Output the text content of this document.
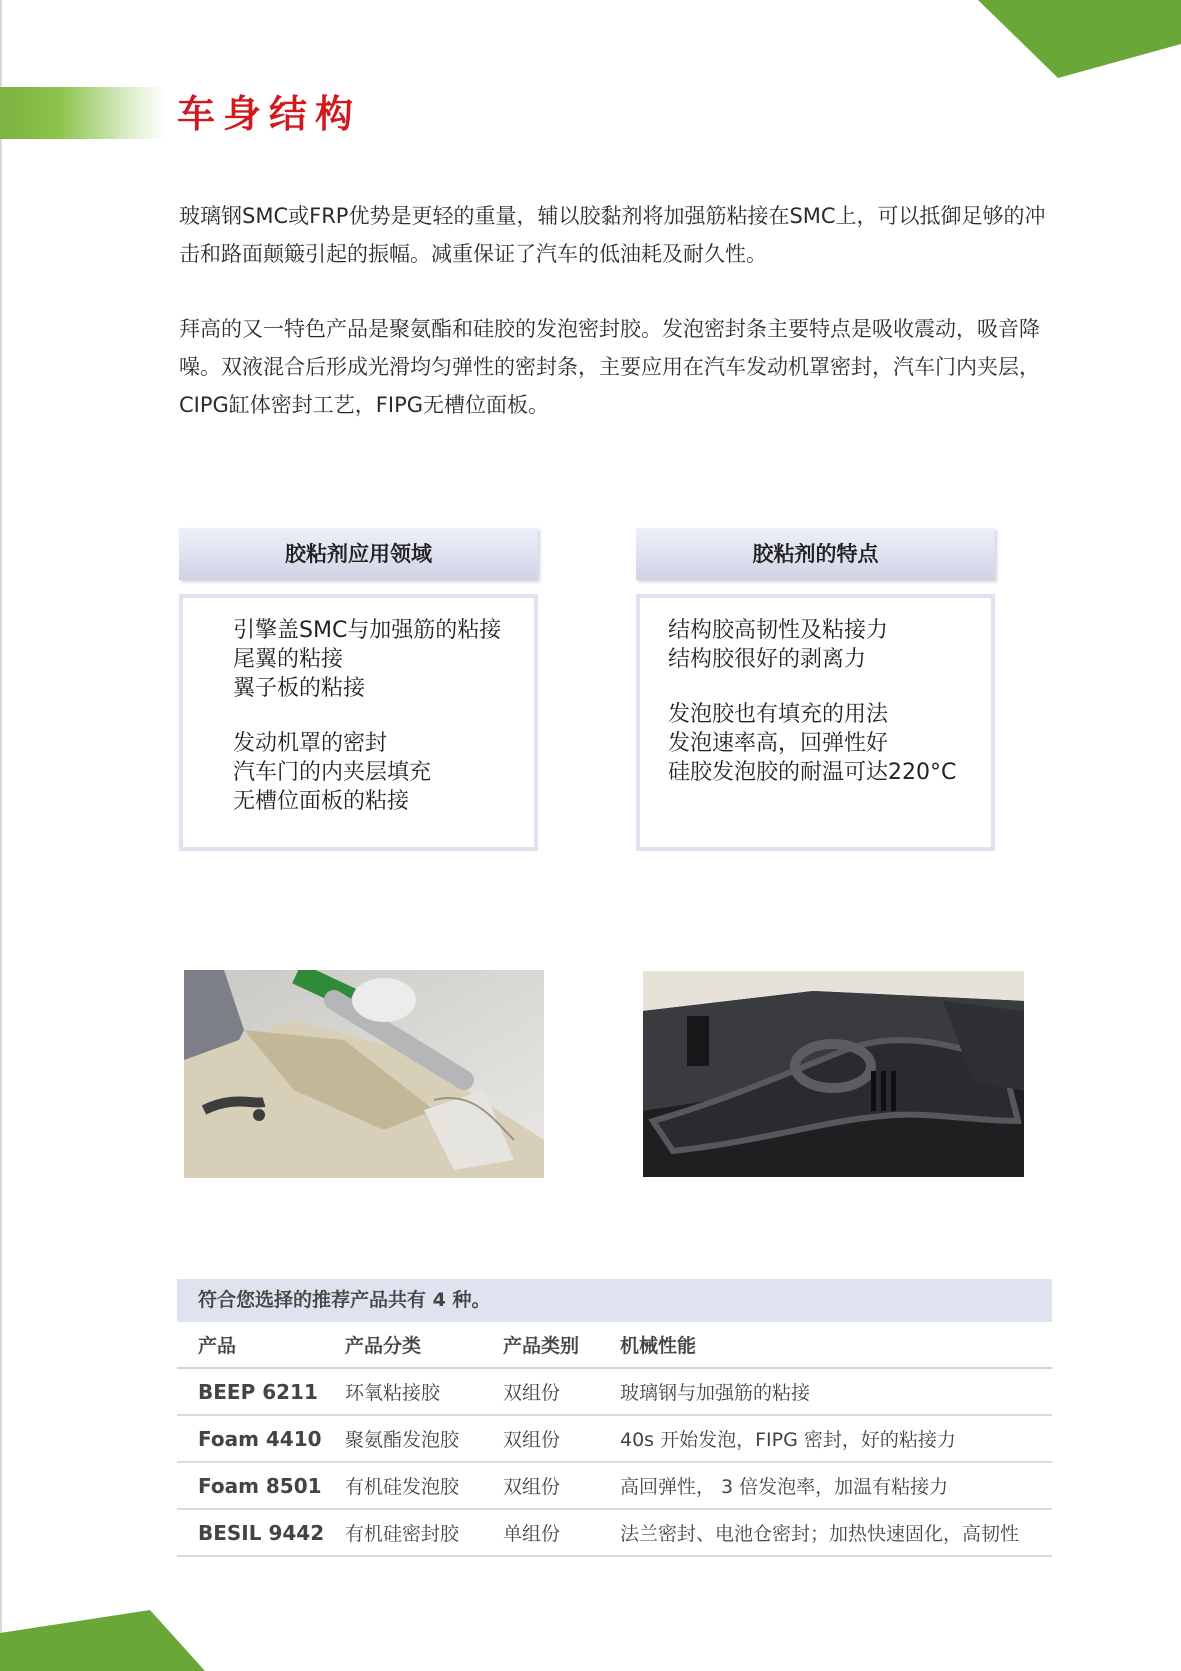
车身结构
玻璃钢SMC或FRP优势是更轻的重量，辅以胶黏剂将加强筋粘接在SMC上，可以抵御足够的冲击和路面颠簸引起的振幅。减重保证了汽车的低油耗及耐久性。
拜高的又一特色产品是聚氨酯和硅胶的发泡密封胶。发泡密封条主要特点是吸收震动，吸音降噪。双液混合后形成光滑均匀弹性的密封条，主要应用在汽车发动机罩密封，汽车门内夹层，CIPG缸体密封工艺，FIPG无槽位面板。
胶粘剂应用领域
引擎盖SMC与加强筋的粘接
尾翼的粘接
翼子板的粘接
发动机罩的密封
汽车门的内夹层填充
无槽位面板的粘接
胶粘剂的特点
结构胶高韧性及粘接力
结构胶很好的剥离力
发泡胶也有填充的用法
发泡速率高，回弹性好
硅胶发泡胶的耐温可达220°C
符合您选择的推荐产品共有 4 种。
产品	产品分类	产品类别	机械性能
BEEP 6211	环氧粘接胶	双组份	玻璃钢与加强筋的粘接
Foam 4410	聚氨酯发泡胶	双组份	40s 开始发泡，FIPG 密封，好的粘接力
Foam 8501	有机硅发泡胶	双组份	高回弹性， 3 倍发泡率，加温有粘接力
BESIL 9442	有机硅密封胶	单组份	法兰密封、电池仓密封；加热快速固化，高韧性
